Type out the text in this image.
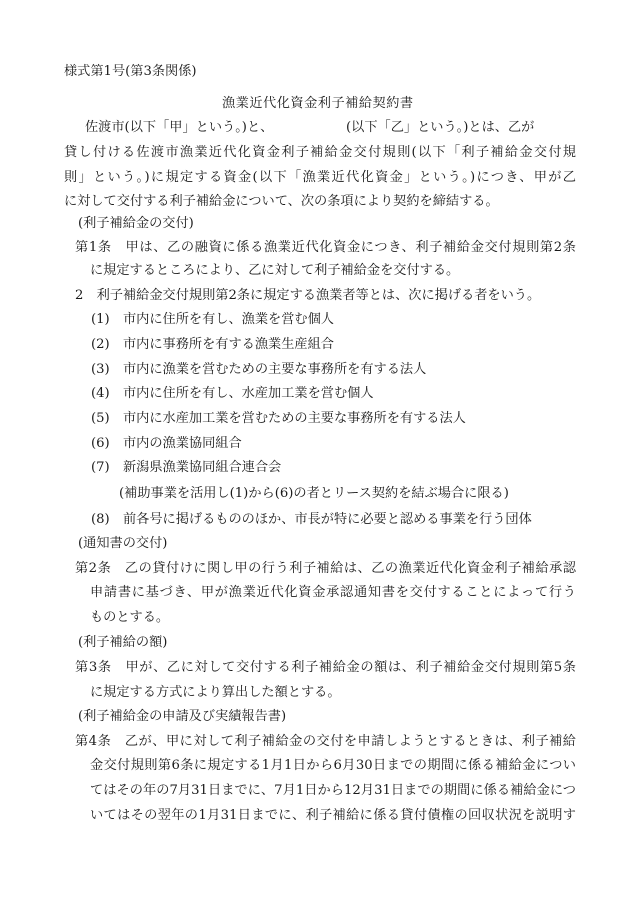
様式第1号(第3条関係)
漁業近代化資金利子補給契約書
佐渡市(以下「甲」という。)と、	(以下「乙」という。)とは、乙が
貸し付ける佐渡市漁業近代化資金利子補給金交付規則(以下「利子補給金交付規
則」という。)に規定する資金(以下「漁業近代化資金」という。)につき、甲が乙
に対して交付する利子補給金について、次の条項により契約を締結する。
(利子補給金の交付)
第1条　甲は、乙の融資に係る漁業近代化資金につき、利子補給金交付規則第2条
に規定するところにより、乙に対して利子補給金を交付する。
2　利子補給金交付規則第2条に規定する漁業者等とは、次に掲げる者をいう。
(1) 市内に住所を有し、漁業を営む個人
(2) 市内に事務所を有する漁業生産組合
(3) 市内に漁業を営むための主要な事務所を有する法人
(4) 市内に住所を有し、水産加工業を営む個人
(5) 市内に水産加工業を営むための主要な事務所を有する法人
(6) 市内の漁業協同組合
(7) 新潟県漁業協同組合連合会
(補助事業を活用し(1)から(6)の者とリース契約を結ぶ場合に限る)
(8) 前各号に掲げるもののほか、市長が特に必要と認める事業を行う団体
(通知書の交付)
第2条　乙の貸付けに関し甲の行う利子補給は、乙の漁業近代化資金利子補給承認
申請書に基づき、甲が漁業近代化資金承認通知書を交付することによって行う
ものとする。
(利子補給の額)
第3条　甲が、乙に対して交付する利子補給金の額は、利子補給金交付規則第5条
に規定する方式により算出した額とする。
(利子補給金の申請及び実績報告書)
第4条　乙が、甲に対して利子補給金の交付を申請しようとするときは、利子補給
金交付規則第6条に規定する1月1日から6月30日までの期間に係る補給金につい
てはその年の7月31日までに、7月1日から12月31日までの期間に係る補給金につ
いてはその翌年の1月31日までに、利子補給に係る貸付債権の回収状況を説明す
